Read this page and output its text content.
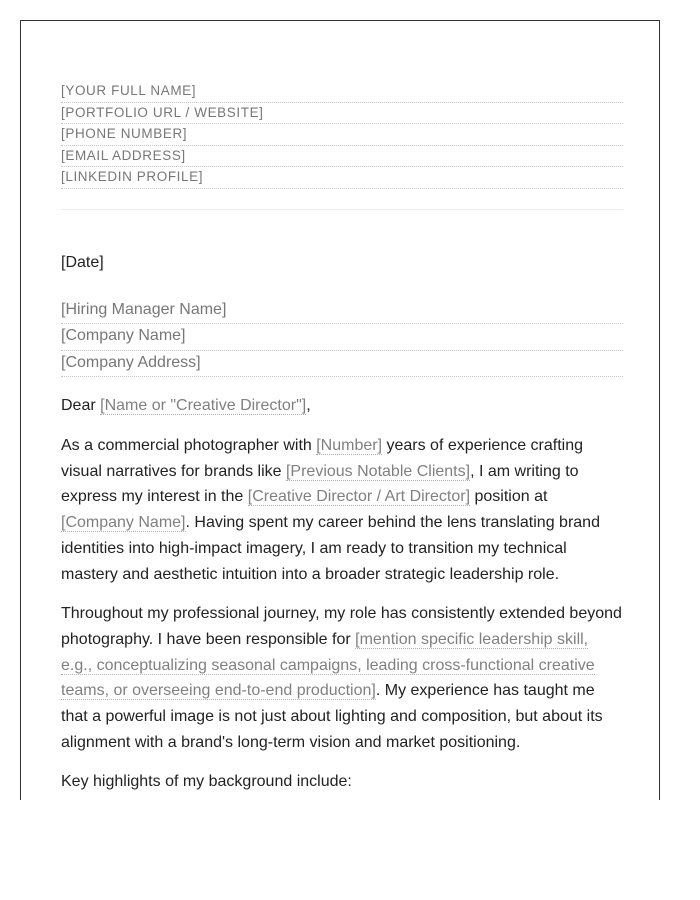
[YOUR FULL NAME]
[PORTFOLIO URL / WEBSITE]
[PHONE NUMBER]
[EMAIL ADDRESS]
[LINKEDIN PROFILE]
[Date]
[Hiring Manager Name]
[Company Name]
[Company Address]
Dear [Name or "Creative Director"],
As a commercial photographer with [Number] years of experience crafting visual narratives for brands like [Previous Notable Clients], I am writing to express my interest in the [Creative Director / Art Director] position at [Company Name]. Having spent my career behind the lens translating brand identities into high-impact imagery, I am ready to transition my technical mastery and aesthetic intuition into a broader strategic leadership role.
Throughout my professional journey, my role has consistently extended beyond photography. I have been responsible for [mention specific leadership skill, e.g., conceptualizing seasonal campaigns, leading cross-functional creative teams, or overseeing end-to-end production]. My experience has taught me that a powerful image is not just about lighting and composition, but about its alignment with a brand's long-term vision and market positioning.
Key highlights of my background include:
